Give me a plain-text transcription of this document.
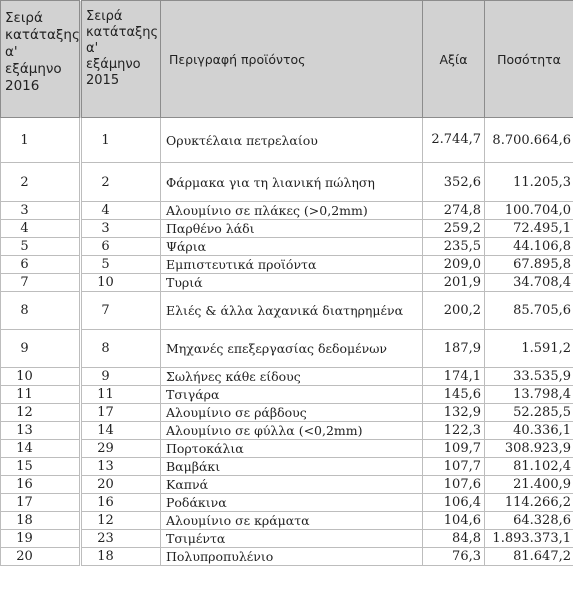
Σειρά κατάταξης α' εξάμηνο 2016	Σειρά κατάταξης α' εξάμηνο 2015	Περιγραφή προϊόντος	Αξία	Ποσότητα
1	1	Ορυκτέλαια πετρελαίου	2.744,7	8.700.664,6
2	2	Φάρμακα για τη λιανική πώληση	352,6	11.205,3
3	4	Αλουμίνιο σε πλάκες (>0,2mm)	274,8	100.704,0
4	3	Παρθένο λάδι	259,2	72.495,1
5	6	Ψάρια	235,5	44.106,8
6	5	Εμπιστευτικά προϊόντα	209,0	67.895,8
7	10	Τυριά	201,9	34.708,4
8	7	Ελιές & άλλα λαχανικά διατηρημένα	200,2	85.705,6
9	8	Μηχανές επεξεργασίας δεδομένων	187,9	1.591,2
10	9	Σωλήνες κάθε είδους	174,1	33.535,9
11	11	Τσιγάρα	145,6	13.798,4
12	17	Αλουμίνιο σε ράβδους	132,9	52.285,5
13	14	Αλουμίνιο σε φύλλα (<0,2mm)	122,3	40.336,1
14	29	Πορτοκάλια	109,7	308.923,9
15	13	Βαμβάκι	107,7	81.102,4
16	20	Καπνά	107,6	21.400,9
17	16	Ροδάκινα	106,4	114.266,2
18	12	Αλουμίνιο σε κράματα	104,6	64.328,6
19	23	Τσιμέντα	84,8	1.893.373,1
20	18	Πολυπροπυλένιο	76,3	81.647,2
